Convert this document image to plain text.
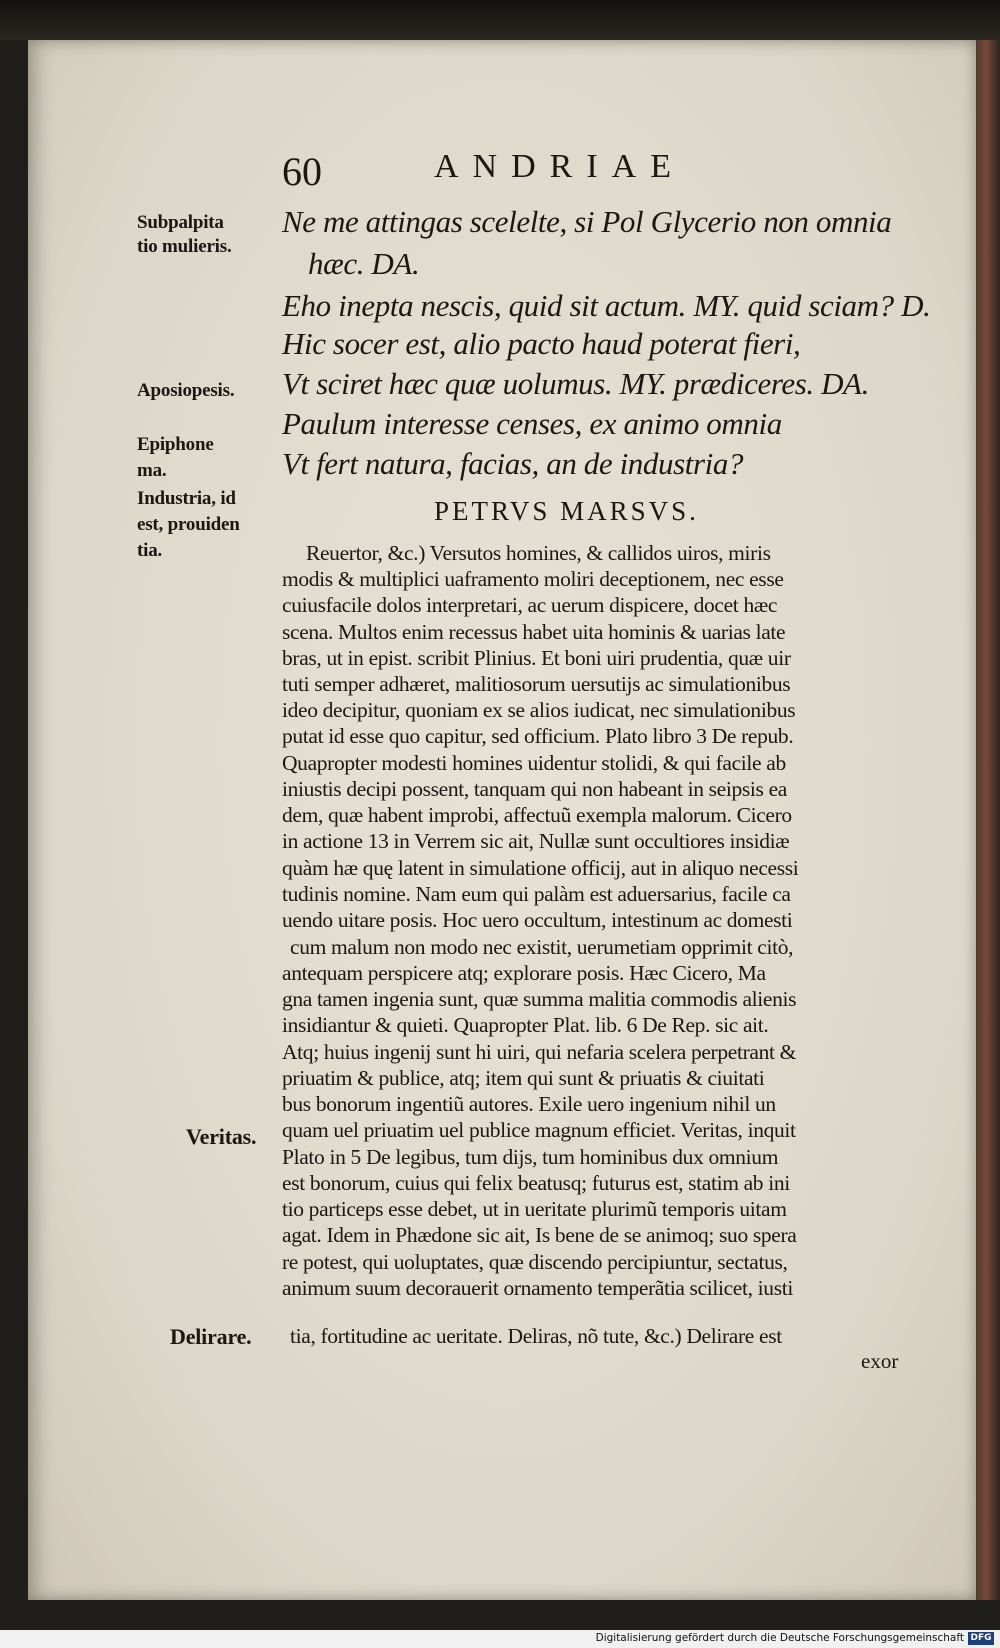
60	ANDRIAE
Subpalpita
tio mulieris.
Aposiopesis.
Epiphone
ma.
Industria, id
est, prouiden
tia.
Veritas.
Delirare.
Ne me attingas scelelte, si Pol Glycerio non omnia
hæc. DA.
Eho inepta nescis, quid sit actum. MY. quid sciam? D.
Hic socer est, alio pacto haud poterat fieri,
Vt sciret hæc quæ uolumus. MY. prædiceres. DA.
Paulum interesse censes, ex animo omnia
Vt fert natura, facias, an de industria?
PETRVS MARSVS.
Reuertor, &c.) Versutos homines, & callidos uiros, miris
modis & multiplici uaframento moliri deceptionem, nec esse
cuiusfacile dolos interpretari, ac uerum dispicere, docet hæc
scena. Multos enim recessus habet uita hominis & uarias late
bras, ut in epist. scribit Plinius. Et boni uiri prudentia, quæ uir
tuti semper adhæret, malitiosorum uersutijs ac simulationibus
ideo decipitur, quoniam ex se alios iudicat, nec simulationibus
putat id esse quo capitur, sed officium. Plato libro 3 De repub.
Quapropter modesti homines uidentur stolidi, & qui facile ab
iniustis decipi possent, tanquam qui non habeant in seipsis ea
dem, quæ habent improbi, affectuũ exempla malorum. Cicero
in actione 13 in Verrem sic ait, Nullæ sunt occultiores insidiæ
quàm hæ quę latent in simulatione officij, aut in aliquo necessi
tudinis nomine. Nam eum qui palàm est aduersarius, facile ca
uendo uitare posis. Hoc uero occultum, intestinum ac domesti
cum malum non modo nec existit, uerumetiam opprimit citò,
antequam perspicere atq; explorare posis. Hæc Cicero, Ma
gna tamen ingenia sunt, quæ summa malitia commodis alienis
insidiantur & quieti. Quapropter Plat. lib. 6 De Rep. sic ait.
Atq; huius ingenij sunt hi uiri, qui nefaria scelera perpetrant &
priuatim & publice, atq; item qui sunt & priuatis & ciuitati
bus bonorum ingentiũ autores. Exile uero ingenium nihil un
quam uel priuatim uel publice magnum efficiet. Veritas, inquit
Plato in 5 De legibus, tum dijs, tum hominibus dux omnium
est bonorum, cuius qui felix beatusq; futurus est, statim ab ini
tio particeps esse debet, ut in ueritate plurimũ temporis uitam
agat. Idem in Phædone sic ait, Is bene de se animoq; suo spera
re potest, qui uoluptates, quæ discendo percipiuntur, sectatus,
animum suum decorauerit ornamento temperãtia scilicet, iusti
tia, fortitudine ac ueritate. Deliras, nõ tute, &c.) Delirare est
exor
Digitalisierung gefördert durch die Deutsche Forschungsgemeinschaft DFG
